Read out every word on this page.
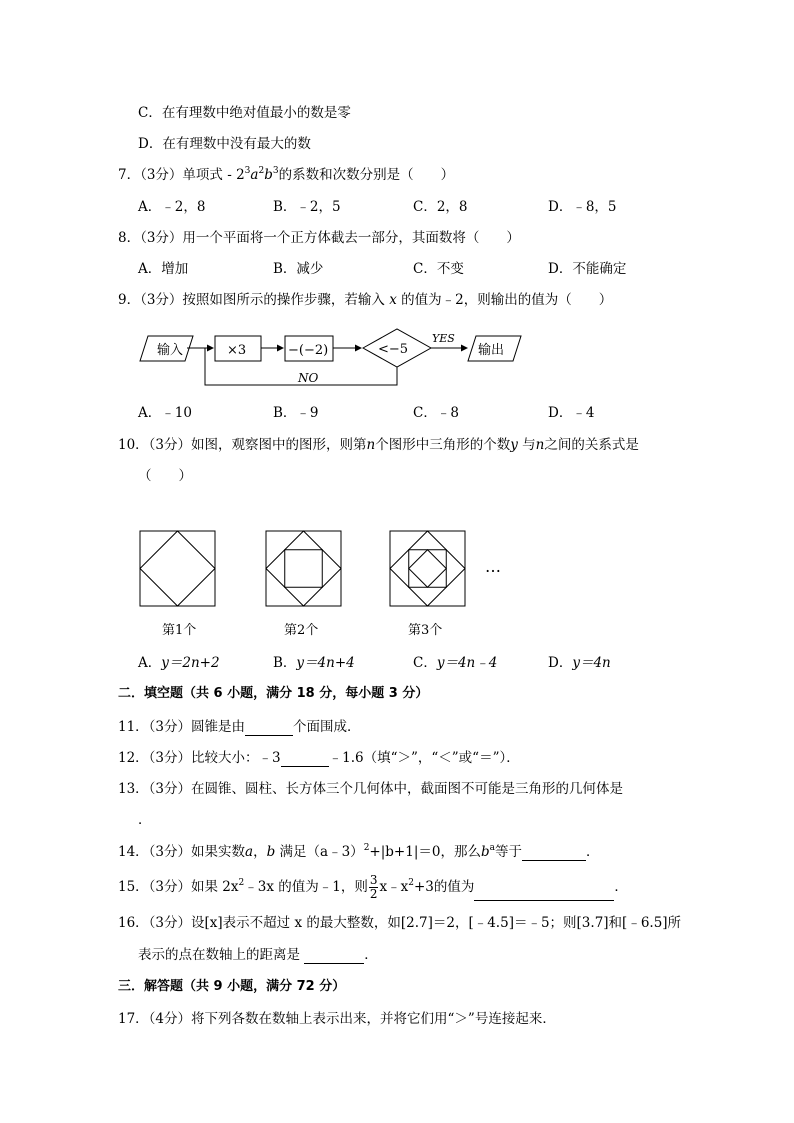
C．在有理数中绝对值最小的数是零
D．在有理数中没有最大的数
7．（3分）单项式 - $2^3a^2b^3$的系数和次数分别是（　　）
A．﹣2，8	B．﹣2，5	C．2，8	D．﹣8，5
8．（3分）用一个平面将一个正方体截去一部分，其面数将（　　）
A．增加	B．减少	C．不变	D．不能确定
9．（3分）按照如图所示的操作步骤，若输入 x 的值为﹣2，则输出的值为（　　）
输入	×3	−(−2)	<−5
YES
输出
NO
A．﹣10	B．﹣9	C．﹣8	D．﹣4
10．（3分）如图，观察图中的图形，则第n个图形中三角形的个数y 与n之间的关系式是
（　　）
…
第1个	第2个	第3个
A．y＝2n+2	B．y＝4n+4	C．y＝4n﹣4	D．y＝4n
二．填空题（共 6 小题，满分 18 分，每小题 3 分）
11．（3分）圆锥是由	个面围成．
12．（3分）比较大小：﹣3	﹣1.6（填“＞”，“＜”或“＝”）．
13．（3分）在圆锥、圆柱、长方体三个几何体中，截面图不可能是三角形的几何体是
．
14．（3分）如果实数a，b 满足（a﹣3）$^2$+|b+1|＝0，那么$b^a$等于	．
15．（3分）如果 $2x^2﹣3x$ 的值为﹣1，则 $\frac{3}{2}$ $x﹣x^2+3$的值为	．
16．（3分）设[x]表示不超过 x 的最大整数，如[2.7]＝2，[﹣4.5]＝﹣5；则[3.7]和[﹣6.5]所
表示的点在数轴上的距离是	．
三．解答题（共 9 小题，满分 72 分）
17．（4分）将下列各数在数轴上表示出来，并将它们用“＞”号连接起来．
